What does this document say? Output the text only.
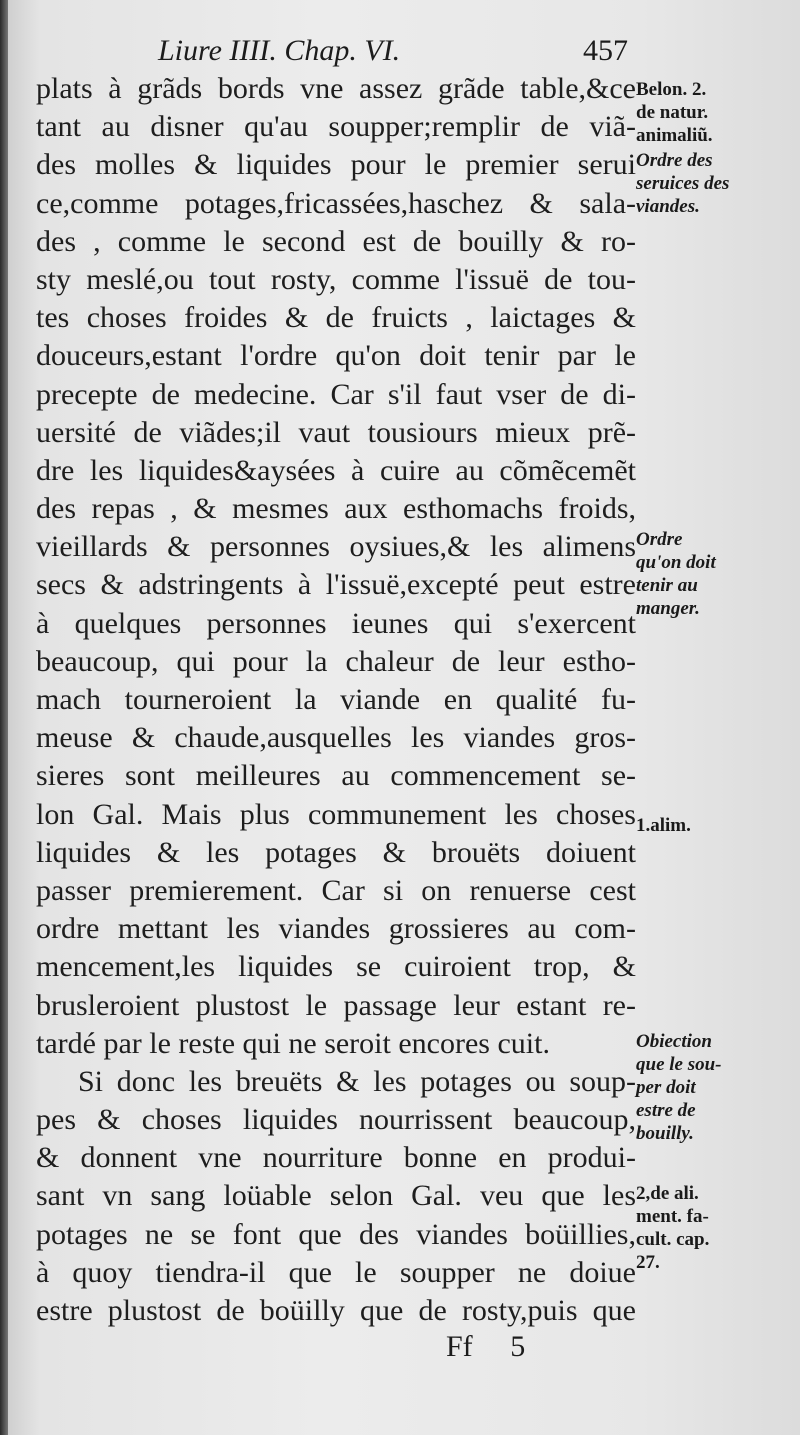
Liure IIII. Chap. VI.	457
plats à grãds bords vne assez grãde table,&ce
tant au disner qu'au soupper;remplir de viã-
des molles & liquides pour le premier serui
ce,comme potages,fricassées,haschez & sala-
des , comme le second est de bouilly & ro-
sty meslé,ou tout rosty, comme l'issuë de tou-
tes choses froides & de fruicts , laictages &
douceurs,estant l'ordre qu'on doit tenir par le
precepte de medecine. Car s'il faut vser de di-
uersité de viãdes;il vaut tousiours mieux prẽ-
dre les liquides&aysées à cuire au cõmẽcemẽt
des repas , & mesmes aux esthomachs froids,
vieillards & personnes oysiues,& les alimens
secs & adstringents à l'issuë,excepté peut estre
à quelques personnes ieunes qui s'exercent
beaucoup, qui pour la chaleur de leur estho-
mach tourneroient la viande en qualité fu-
meuse & chaude,ausquelles les viandes gros-
sieres sont meilleures au commencement se-
lon Gal. Mais plus communement les choses
liquides & les potages & brouëts doiuent
passer premierement. Car si on renuerse cest
ordre mettant les viandes grossieres au com-
mencement,les liquides se cuiroient trop, &
brusleroient plustost le passage leur estant re-
tardé par le reste qui ne seroit encores cuit.
Si donc les breuëts & les potages ou soup-
pes & choses liquides nourrissent beaucoup,
& donnent vne nourriture bonne en produi-
sant vn sang loüable selon Gal. veu que les
potages ne se font que des viandes boüillies,
à quoy tiendra-il que le soupper ne doiue
estre plustost de boüilly que de rosty,puis que
Belon. 2.
de natur.
animaliũ.
Ordre des
seruices des
viandes.
Ordre
qu'on doit
tenir au
manger.
1.alim.
Obiection
que le sou-
per doit
estre de
bouilly.
2,de ali.
ment. fa-
cult. cap.
27.
Ff 5
